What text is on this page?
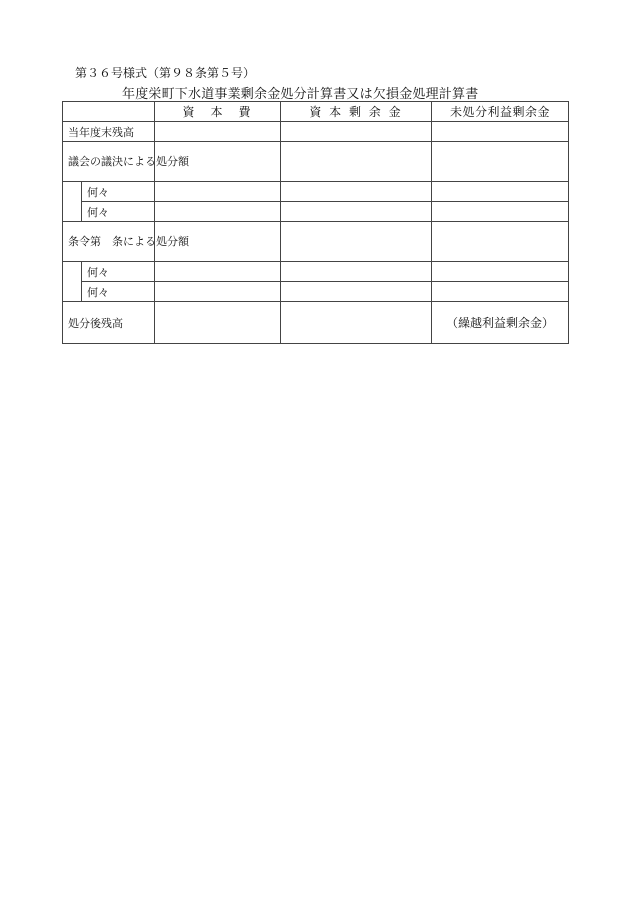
第３６号様式（第９８条第５号）
年度栄町下水道事業剰余金処分計算書又は欠損金処理計算書
		資　本　費	資 本 剰 余 金	未処分利益剰余金
当年度末残高				
議会の議決による処分額				
	何々			
	何々			
条令第　条による処分額				
	何々			
	何々			
処分後残高				（繰越利益剰余金）
